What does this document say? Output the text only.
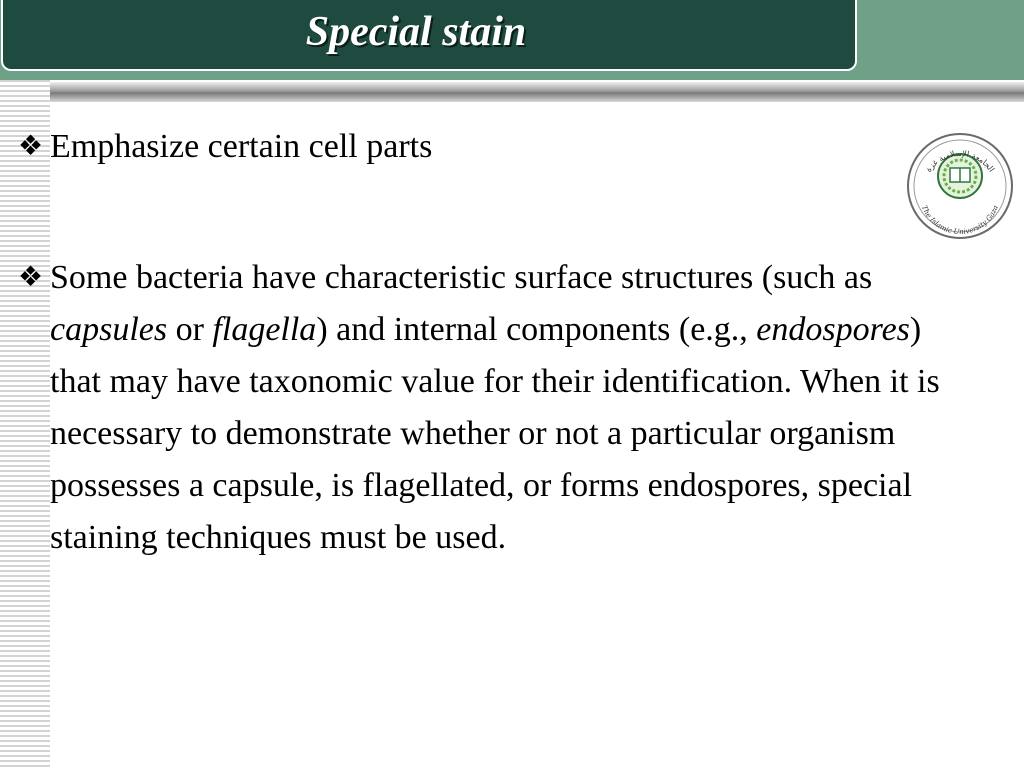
Special stain
❖ Emphasize certain cell parts
❖ Some bacteria have characteristic surface structures (such as capsules or flagella) and internal components (e.g., endospores) that may have taxonomic value for their identification. When it is necessary to demonstrate whether or not a particular organism possesses a capsule, is flagellated, or forms endospores, special staining techniques must be used.
الجامعة الإسلامية غزة
The Islamic University Gaza
